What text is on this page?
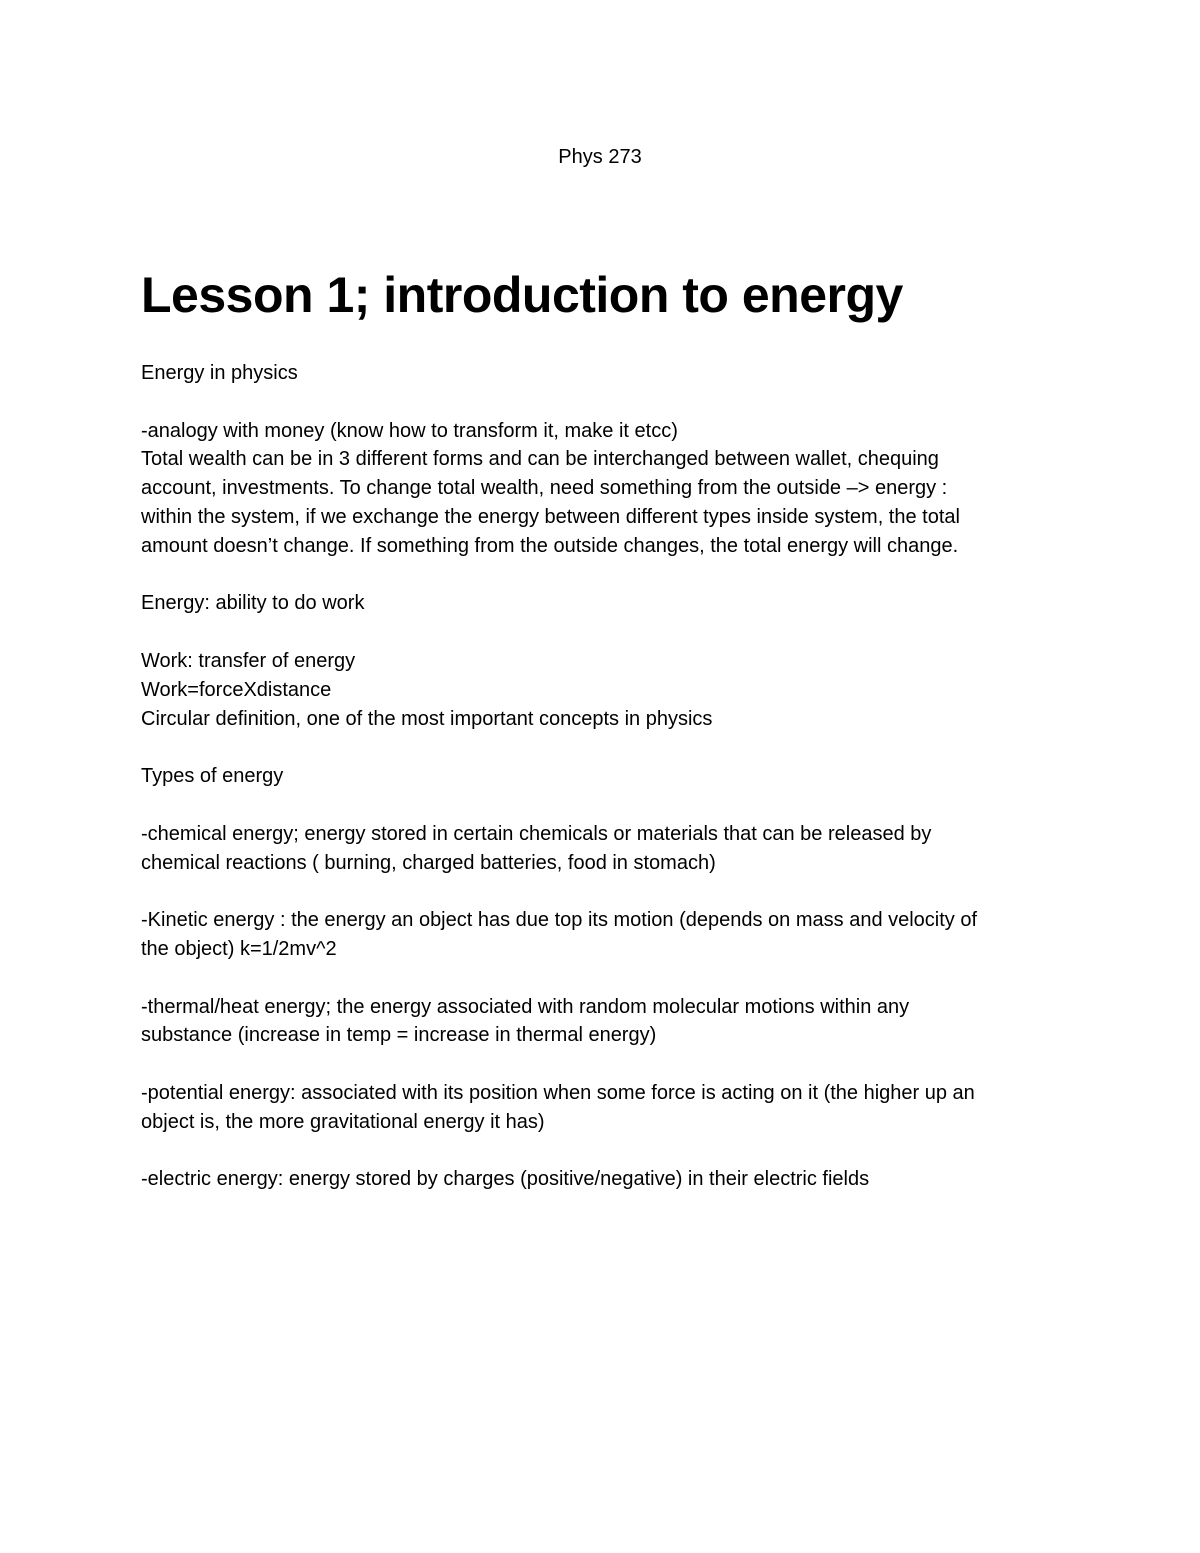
Phys 273
Lesson 1; introduction to energy

Energy in physics

-analogy with money (know how to transform it, make it etcc)
Total wealth can be in 3 different forms and can be interchanged between wallet, chequing
account, investments. To change total wealth, need something from the outside –> energy :
within the system, if we exchange the energy between different types inside system, the total
amount doesn’t change. If something from the outside changes, the total energy will change.

Energy: ability to do work

Work: transfer of energy
Work=forceXdistance
Circular definition, one of the most important concepts in physics

Types of energy

-chemical energy; energy stored in certain chemicals or materials that can be released by
chemical reactions ( burning, charged batteries, food in stomach)

-Kinetic energy : the energy an object has due top its motion (depends on mass and velocity of
the object) k=1/2mv^2

-thermal/heat energy; the energy associated with random molecular motions within any
substance (increase in temp = increase in thermal energy)

-potential energy: associated with its position when some force is acting on it (the higher up an
object is, the more gravitational energy it has)

-electric energy: energy stored by charges (positive/negative) in their electric fields
